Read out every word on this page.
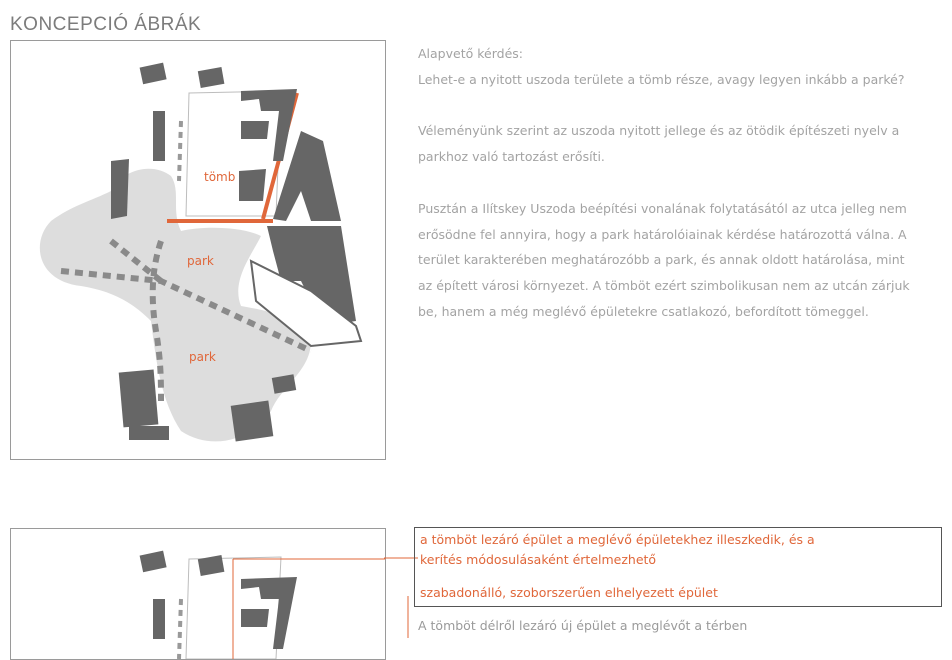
KONCEPCIÓ ÁBRÁK
tömb
park
park

Alapvető kérdés:
Lehet-e a nyitott uszoda területe a tömb része, avagy legyen inkább a parké?

Véleményünk szerint az uszoda nyitott jellege és az ötödik építészeti nyelv a parkhoz való tartozást erősíti.

Pusztán a Ilítskey Uszoda beépítési vonalának folytatásától az utca jelleg nem erősödne fel annyira, hogy a park határolóiainak kérdése határozottá válna. A terület karakterében meghatározóbb a park, és annak oldott határolása, mint az épített városi környezet. A tömböt ezért szimbolikusan nem az utcán zárjuk be, hanem a még meglévő épületekre csatlakozó, befordított tömeggel.

a tömböt lezáró épület a meglévő épületekhez illeszkedik, és a
kerítés módosulásaként értelmezhető
szabadonálló, szoborszerűen elhelyezett épület
A tömböt délről lezáró új épület a meglévőt a térben
